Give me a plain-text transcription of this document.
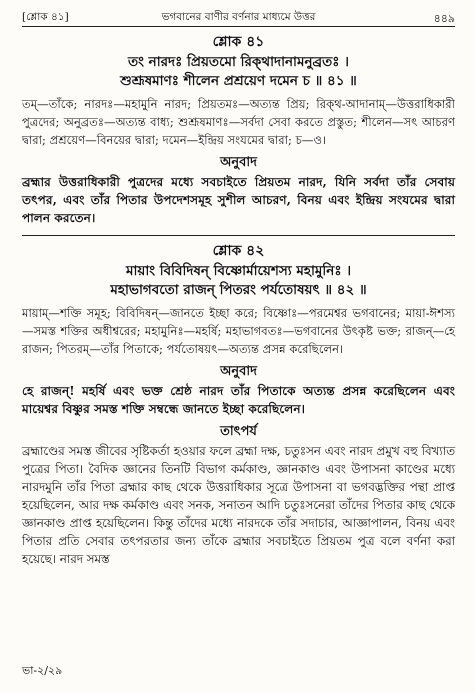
[শ্লোক ৪১]	ভগবানের বাণীর বর্ণনার মাধ্যমে উত্তর	৪৪৯
শ্লোক ৪১
তং নারদঃ প্রিয়তমো রিক্থাদানামনুব্রতঃ ।
শুশ্রূষমাণঃ শীলেন প্রশ্রয়েণ দমেন চ ॥ ৪১ ॥
তম্—তাঁকে; নারদঃ—মহামুনি নারদ; প্রিয়তমঃ—অত্যন্ত প্রিয়; রিক্থ-আদানাম্—উত্তরাধিকারী পুত্রদের; অনুব্রতঃ—অত্যন্ত বাধ্য; শুশ্রূষমাণঃ—সর্বদা সেবা করতে প্রস্তুত; শীলেন—সৎ আচরণ দ্বারা; প্রশ্রয়েণ—বিনয়ের দ্বারা; দমেন—ইন্দ্রিয় সংযমের দ্বারা; চ—ও।
অনুবাদ
ব্রহ্মার উত্তরাধিকারী পুত্রদের মধ্যে সবচাইতে প্রিয়তম নারদ, যিনি সর্বদা তাঁর সেবায় তৎপর, এবং তাঁর পিতার উপদেশসমূহ সুশীল আচরণ, বিনয় এবং ইন্দ্রিয় সংযমের দ্বারা পালন করতেন।
শ্লোক ৪২
মায়াং বিবিদিষন্ বিষ্ণোর্মায়েশস্য মহামুনিঃ ।
মহাভাগবতো রাজন্ পিতরং পর্যতোষয়ৎ ॥ ৪২ ॥
মায়াম্—শক্তি সমূহ; বিবিদিষন্—জানতে ইচ্ছা করে; বিষ্ণোঃ—পরমেশ্বর ভগবানের; মায়া-ঈশস্য—সমস্ত শক্তির অধীশ্বরের; মহামুনিঃ—মহর্ষি; মহাভাগবতঃ—ভগবানের উৎকৃষ্ট ভক্ত; রাজন্—হে রাজন; পিতরম্—তাঁর পিতাকে; পর্যতোষয়ৎ—অত্যন্ত প্রসন্ন করেছিলেন।
অনুবাদ
হে রাজন্! মহর্ষি এবং ভক্ত শ্রেষ্ঠ নারদ তাঁর পিতাকে অত্যন্ত প্রসন্ন করেছিলেন এবং মায়েশ্বর বিষ্ণুর সমস্ত শক্তি সম্বন্ধে জানতে ইচ্ছা করেছিলেন।
তাৎপর্য
ব্রহ্মাণ্ডের সমস্ত জীবের সৃষ্টিকর্তা হওয়ার ফলে ব্রহ্মা দক্ষ, চতুঃসন এবং নারদ প্রমুখ বহু বিখ্যাত পুত্রের পিতা। বৈদিক জ্ঞানের তিনটি বিভাগ কর্মকাণ্ড, জ্ঞানকাণ্ড এবং উপাসনা কাণ্ডের মধ্যে নারদমুনি তাঁর পিতা ব্রহ্মার কাছ থেকে উত্তরাধিকার সূত্রে উপাসনা বা ভগবদ্ভক্তির পন্থা প্রাপ্ত হয়েছিলেন, আর দক্ষ কর্মকাণ্ড এবং সনক, সনাতন আদি চতুঃসনেরা তাঁদের পিতার কাছ থেকে জ্ঞানকাণ্ড প্রাপ্ত হয়েছিলেন। কিন্তু তাঁদের মধ্যে নারদকে তাঁর সদাচার, আজ্ঞাপালন, বিনয় এবং পিতার প্রতি সেবার তৎপরতার জন্য তাঁকে ব্রহ্মার সবচাইতে প্রিয়তম পুত্র বলে বর্ণনা করা হয়েছে। নারদ সমস্ত
ভা-২/২৯
